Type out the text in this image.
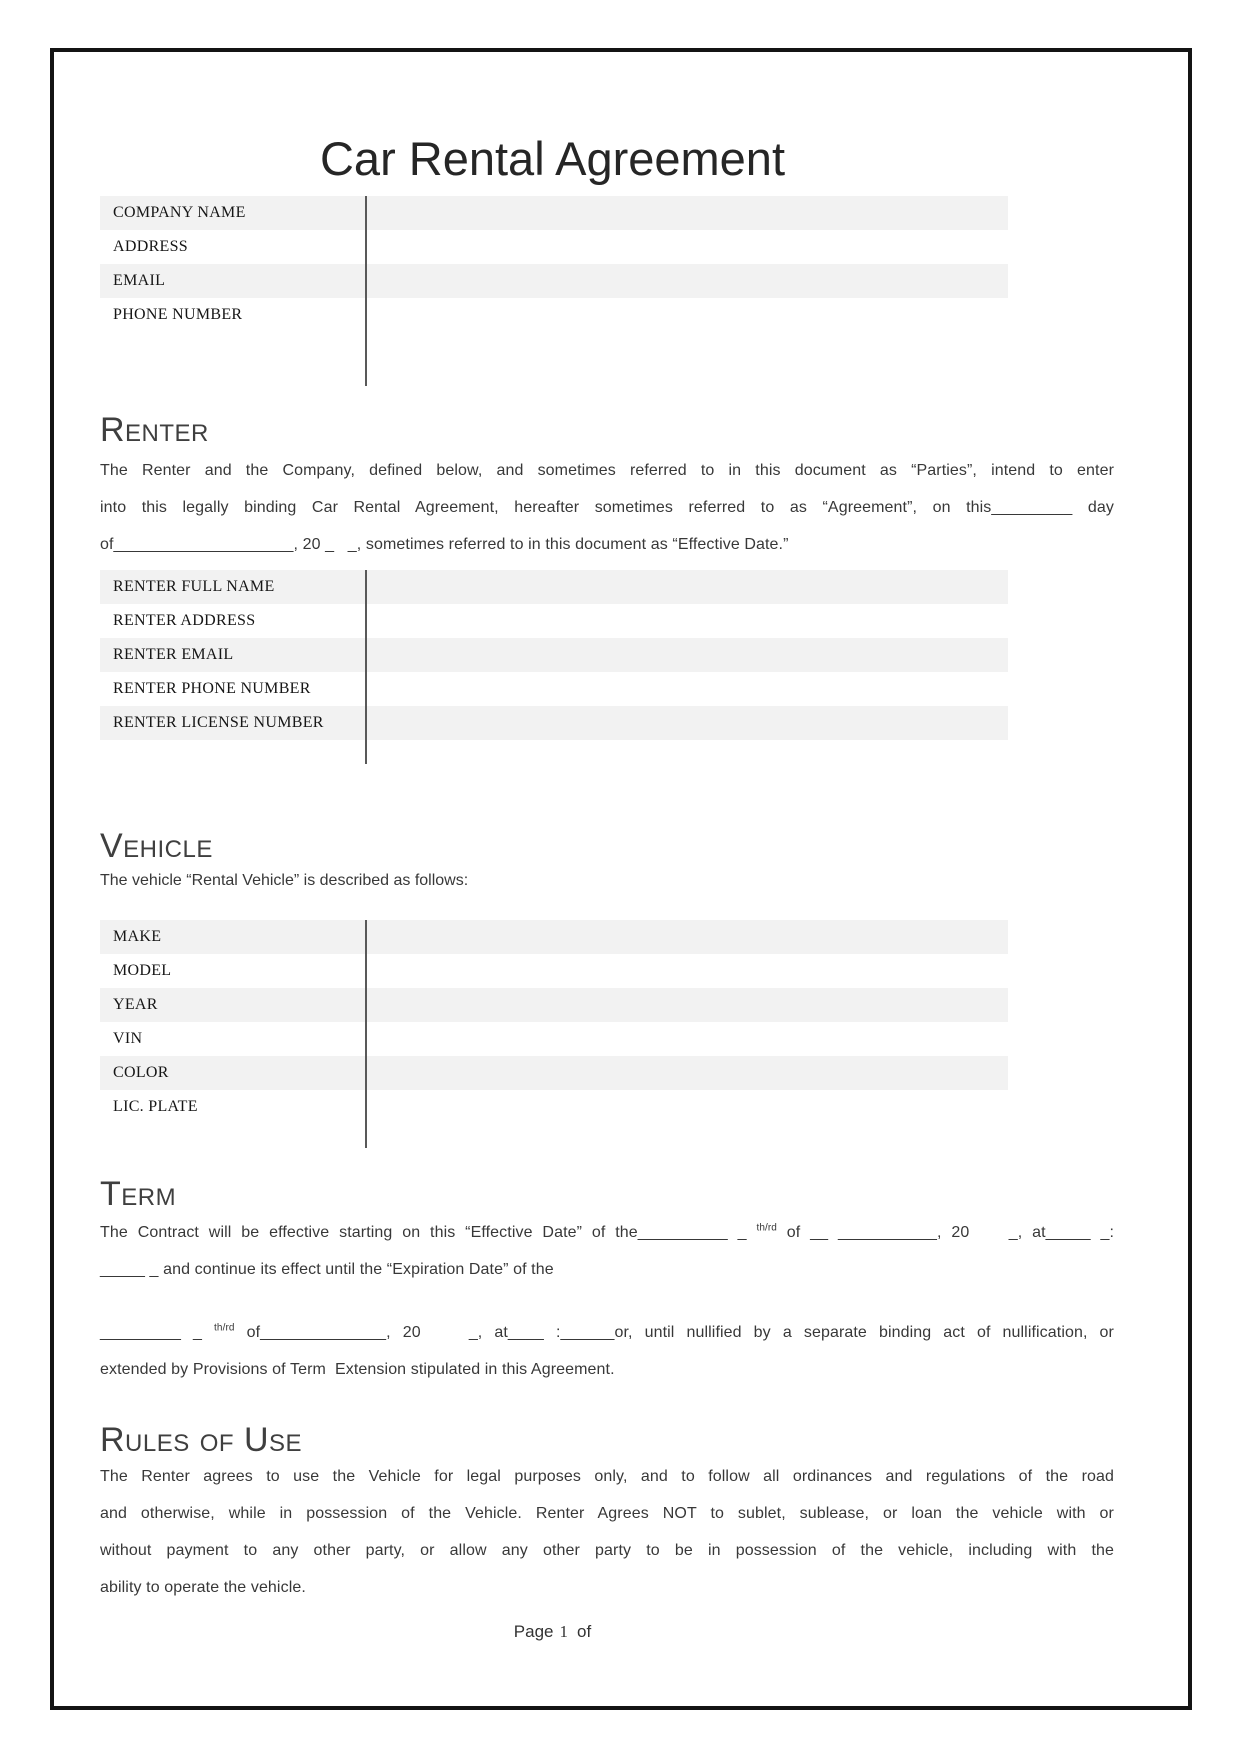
Car Rental Agreement
COMPANY NAME
ADDRESS
EMAIL
PHONE NUMBER
Renter
The Renter and the Company, defined below, and sometimes referred to in this document as “Parties”, intend to enter
into this legally binding Car Rental Agreement, hereafter sometimes referred to as “Agreement”, on this_________ day
of____________________, 20 _   _, sometimes referred to in this document as “Effective Date.”
RENTER FULL NAME
RENTER ADDRESS
RENTER EMAIL
RENTER PHONE NUMBER
RENTER LICENSE NUMBER
Vehicle
The vehicle “Rental Vehicle” is described as follows:
MAKE
MODEL
YEAR
VIN
COLOR
LIC. PLATE
Term
The Contract will be effective starting on this “Effective Date” of the__________ _ $^{th/rd}$ of __ ___________, 20    _, at_____ _:
_____ _ and continue its effect until the “Expiration Date” of the
_________ _ $^{th/rd}$ of______________, 20    _, at____ :______or, until nullified by a separate binding act of nullification, or
extended by Provisions of Term  Extension stipulated in this Agreement.
Rules of Use
The Renter agrees to use the Vehicle for legal purposes only, and to follow all ordinances and regulations of the road
and otherwise, while in possession of the Vehicle. Renter Agrees NOT to sublet, sublease, or loan the vehicle with or
without payment to any other party, or allow any other party to be in possession of the vehicle, including with the
ability to operate the vehicle.
Page 1 of
